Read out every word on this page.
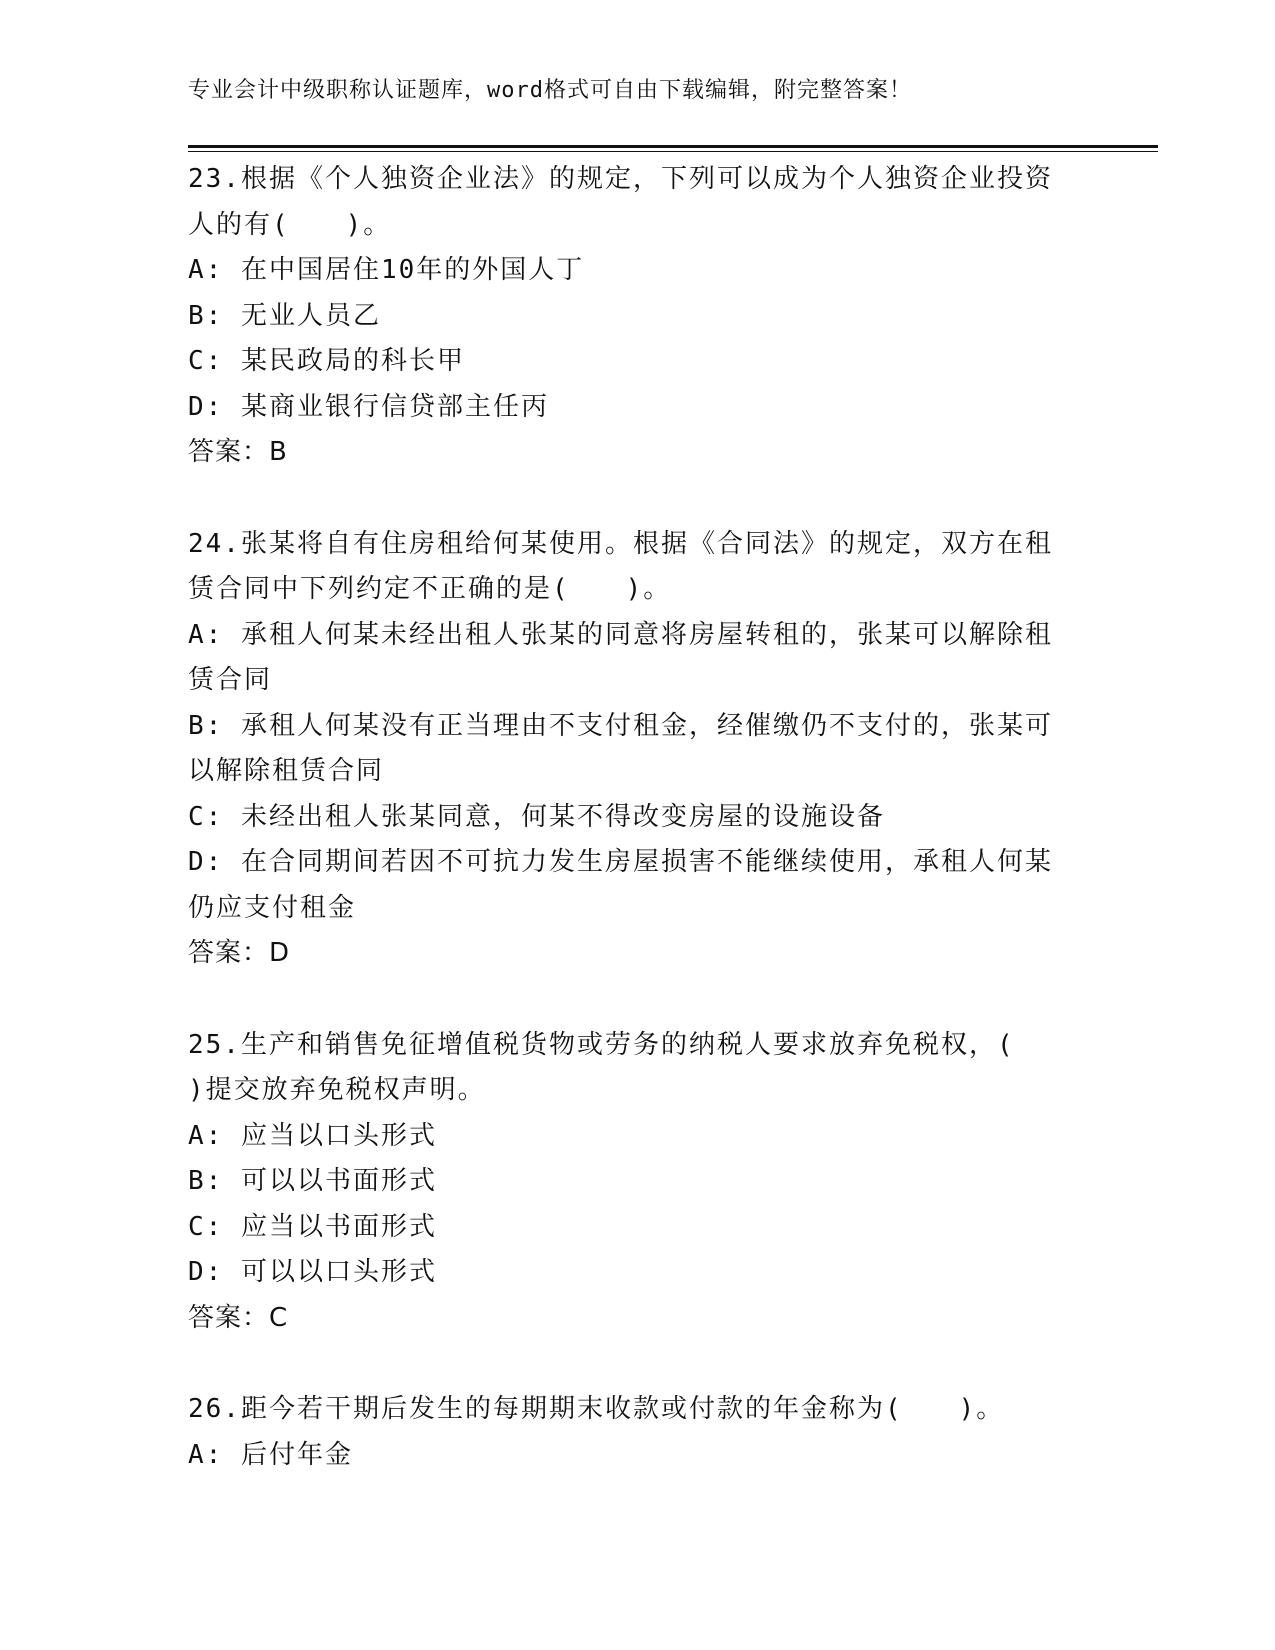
专业会计中级职称认证题库，word格式可自由下载编辑，附完整答案！

23.根据《个人独资企业法》的规定，下列可以成为个人独资企业投资

人的有(　　)。

A: 在中国居住10年的外国人丁

B: 无业人员乙

C: 某民政局的科长甲

D: 某商业银行信贷部主任丙

答案：B

24.张某将自有住房租给何某使用。根据《合同法》的规定，双方在租

赁合同中下列约定不正确的是(　　)。

A: 承租人何某未经出租人张某的同意将房屋转租的，张某可以解除租

赁合同

B: 承租人何某没有正当理由不支付租金，经催缴仍不支付的，张某可

以解除租赁合同

C: 未经出租人张某同意，何某不得改变房屋的设施设备

D: 在合同期间若因不可抗力发生房屋损害不能继续使用，承租人何某

仍应支付租金

答案：D

25.生产和销售免征增值税货物或劳务的纳税人要求放弃免税权，(

)提交放弃免税权声明。

A: 应当以口头形式

B: 可以以书面形式

C: 应当以书面形式

D: 可以以口头形式

答案：C

26.距今若干期后发生的每期期末收款或付款的年金称为(　　)。

A: 后付年金
